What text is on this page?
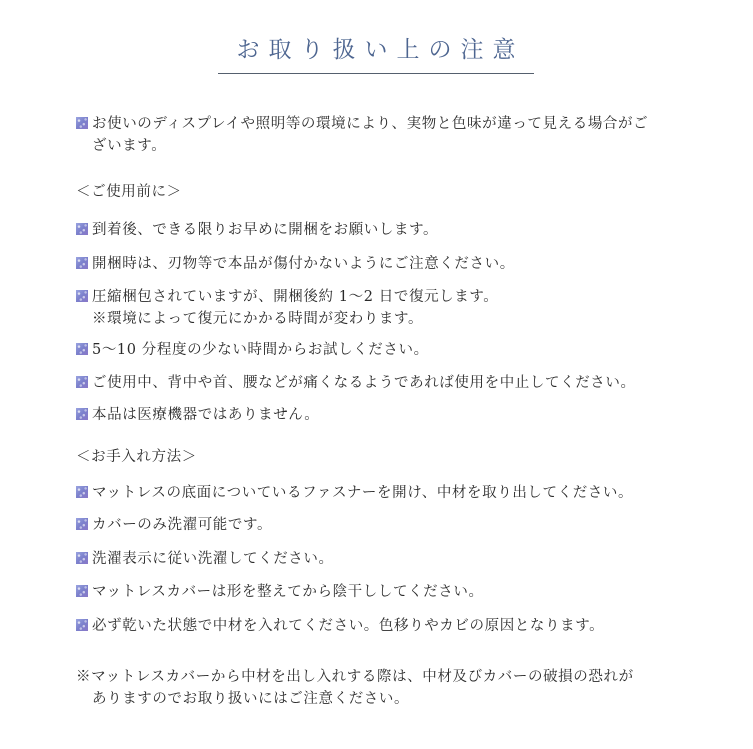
お取り扱い上の注意
お使いのディスプレイや照明等の環境により、実物と色味が違って見える場合がご
ざいます。
＜ご使用前に＞
到着後、できる限りお早めに開梱をお願いします。
開梱時は、刃物等で本品が傷付かないようにご注意ください。
圧縮梱包されていますが、開梱後約 1～2 日で復元します。
※環境によって復元にかかる時間が変わります。
5～10 分程度の少ない時間からお試しください。
ご使用中、背中や首、腰などが痛くなるようであれば使用を中止してください。
本品は医療機器ではありません。
＜お手入れ方法＞
マットレスの底面についているファスナーを開け、中材を取り出してください。
カバーのみ洗濯可能です。
洗濯表示に従い洗濯してください。
マットレスカバーは形を整えてから陰干ししてください。
必ず乾いた状態で中材を入れてください。色移りやカビの原因となります。
※マットレスカバーから中材を出し入れする際は、中材及びカバーの破損の恐れが
ありますのでお取り扱いにはご注意ください。
